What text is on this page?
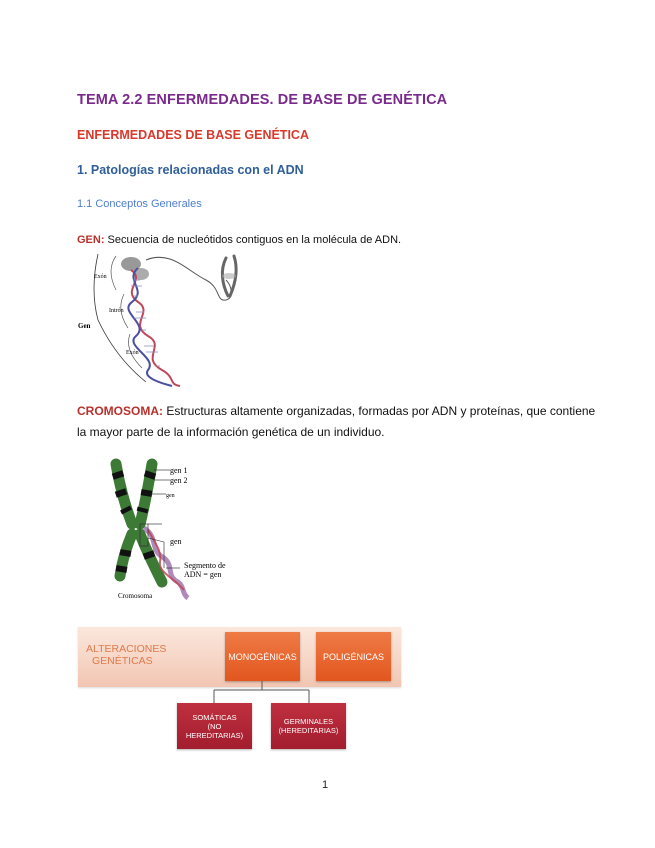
TEMA 2.2 ENFERMEDADES. DE BASE DE GENÉTICA
ENFERMEDADES DE BASE GENÉTICA
1. Patologías relacionadas con el ADN
1.1 Conceptos Generales
GEN: Secuencia de nucleótidos contiguos en la molécula de ADN.
Exón
Intrón
Exón
Gen
CROMOSOMA: Estructuras altamente organizadas, formadas por ADN y proteínas, que contiene la mayor parte de la información genética de un individuo.
gen 1
gen 2
gen
gen
Segmento de
ADN = gen
Cromosoma
ALTERACIONES
GENÉTICAS	MONOGÉNICAS	POLIGÉNICAS
SOMÁTICAS
(NO
HEREDITARIAS)
GERMINALES
(HEREDITARIAS)
1
